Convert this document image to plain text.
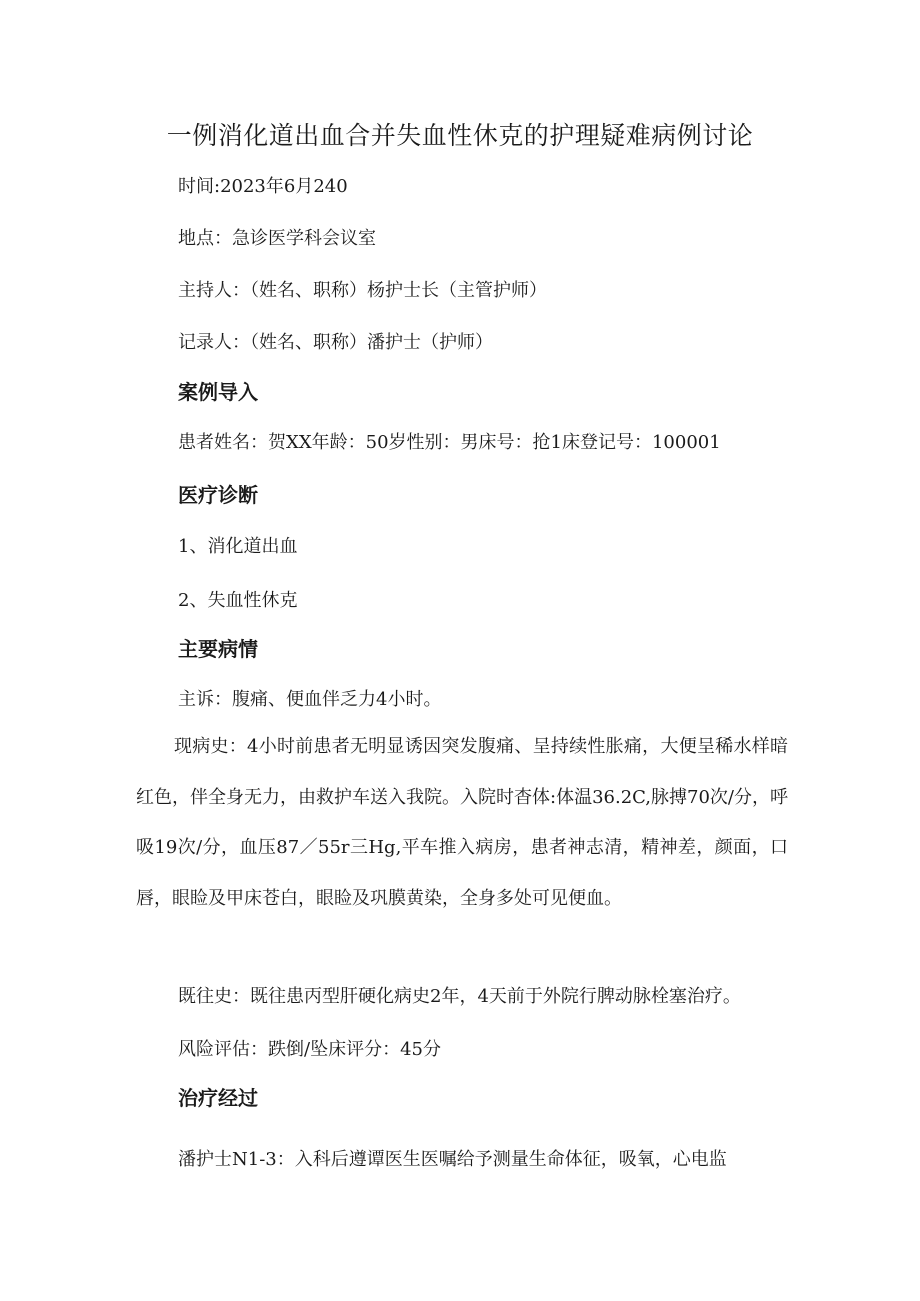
一例消化道出血合并失血性休克的护理疑难病例讨论
时间:2023年6月240
地点：急诊医学科会议室
主持人：（姓名、职称）杨护士长（主管护师）
记录人：（姓名、职称）潘护士（护师）
案例导入
患者姓名：贺XX年龄：50岁性别：男床号：抢1床登记号：100001
医疗诊断
1、消化道出血
2、失血性休克
主要病情
主诉：腹痛、便血伴乏力4小时。
现病史：4小时前患者无明显诱因突发腹痛、呈持续性胀痛，大便呈稀水样暗红色，伴全身无力，由救护车送入我院。入院时杳体:体温36.2C,脉搏70次/分，呼吸19次/分，血压87／55r三Hg,平车推入病房，患者神志清，精神差，颜面，口唇，眼睑及甲床苍白，眼睑及巩膜黄染，全身多处可见便血。
既往史：既往患丙型肝硬化病史2年，4天前于外院行脾动脉栓塞治疗。
风险评估：跌倒/坠床评分：45分
治疗经过
潘护士N1-3：入科后遵谭医生医嘱给予测量生命体征，吸氧，心电监
